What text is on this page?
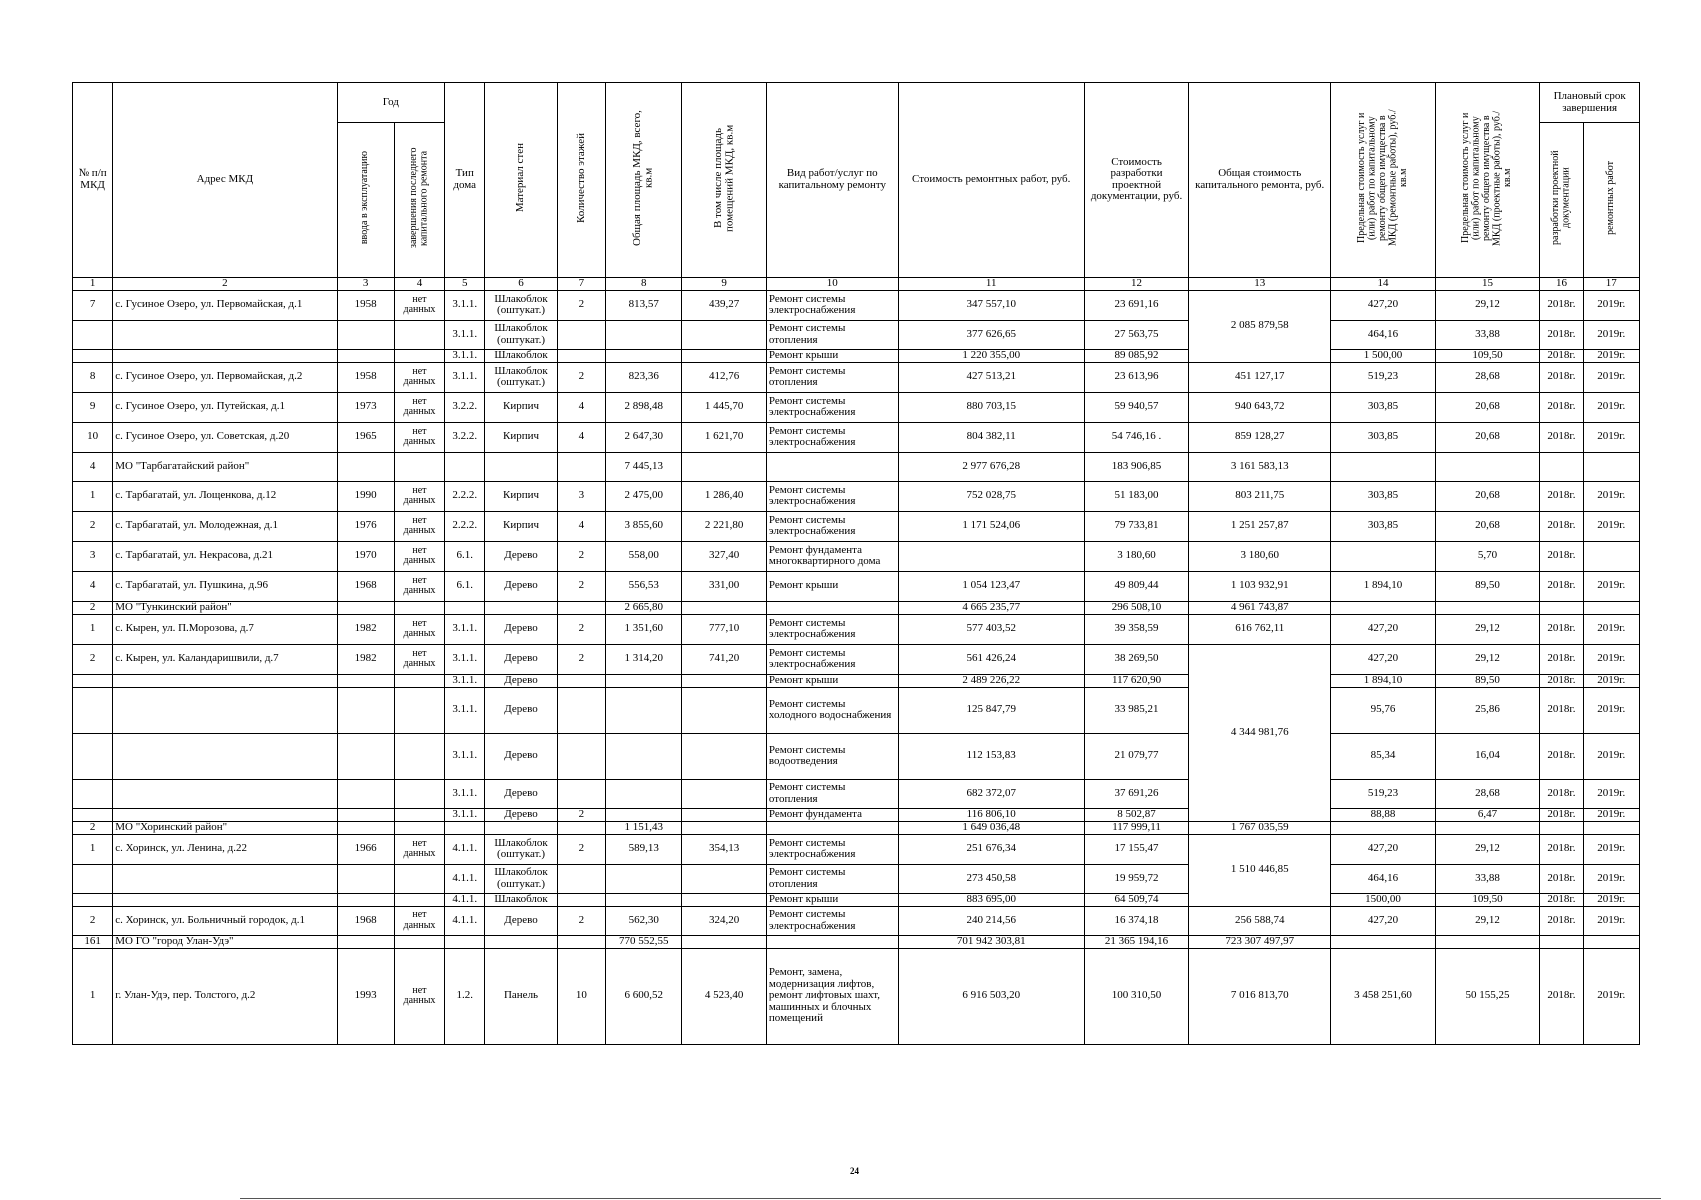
№ п/п МКД	Адрес МКД	Год		Тип дома	Материал стен	Количество этажей	Общая площадь МКД, всего, кв.м	В том числе площадь помещений МКД, кв.м	Вид работ/услуг по капитальному ремонту	Стоимость ремонтных работ, руб.	Стоимость разработки проектной документации, руб.	Общая стоимость капитального ремонта, руб.	Предельная стоимость услуг и (или) работ по капитальному ремонту общего имущества в МКД (ремонтные работы), руб./кв.м	Предельная стоимость услуг и (или) работ по капитальному ремонту общего имущества в МКД (проектные работы), руб./кв.м	Плановый срок завершения	
		ввода в эксплуатацию	завершения последнего капитального ремонта												разработки проектной документации	ремонтных работ
1	2	3	4	5	6	7	8	9	10	11	12	13	14	15	16	17
7	с. Гусиное Озеро, ул. Первомайская, д.1	1958	нет данных	3.1.1.	Шлакоблок (оштукат.)	2	813,57	439,27	Ремонт системы электроснабжения	347 557,10	23 691,16	2 085 879,58	427,20	29,12	2018г.	2019г.
				3.1.1.	Шлакоблок (оштукат.)				Ремонт системы отопления	377 626,65	27 563,75		464,16	33,88	2018г.	2019г.
				3.1.1.	Шлакоблок				Ремонт крыши	1 220 355,00	89 085,92		1 500,00	109,50	2018г.	2019г.
8	с. Гусиное Озеро, ул. Первомайская, д.2	1958	нет данных	3.1.1.	Шлакоблок (оштукат.)	2	823,36	412,76	Ремонт системы отопления	427 513,21	23 613,96	451 127,17	519,23	28,68	2018г.	2019г.
9	с. Гусиное Озеро, ул. Путейская, д.1	1973	нет данных	3.2.2.	Кирпич	4	2 898,48	1 445,70	Ремонт системы электроснабжения	880 703,15	59 940,57	940 643,72	303,85	20,68	2018г.	2019г.
10	с. Гусиное Озеро, ул. Советская, д.20	1965	нет данных	3.2.2.	Кирпич	4	2 647,30	1 621,70	Ремонт системы электроснабжения	804 382,11	54 746,16 .	859 128,27	303,85	20,68	2018г.	2019г.
4	МО "Тарбагатайский район"						7 445,13			2 977 676,28	183 906,85	3 161 583,13				
1	с. Тарбагатай, ул. Лощенкова, д.12	1990	нет данных	2.2.2.	Кирпич	3	2 475,00	1 286,40	Ремонт системы электроснабжения	752 028,75	51 183,00	803 211,75	303,85	20,68	2018г.	2019г.
2	с. Тарбагатай, ул. Молодежная, д.1	1976	нет данных	2.2.2.	Кирпич	4	3 855,60	2 221,80	Ремонт системы электроснабжения	1 171 524,06	79 733,81	1 251 257,87	303,85	20,68	2018г.	2019г.
3	с. Тарбагатай, ул. Некрасова, д.21	1970	нет данных	6.1.	Дерево	2	558,00	327,40	Ремонт фундамента многоквартирного дома		3 180,60	3 180,60		5,70	2018г.	
4	с. Тарбагатай, ул. Пушкина, д.96	1968	нет данных	6.1.	Дерево	2	556,53	331,00	Ремонт крыши	1 054 123,47	49 809,44	1 103 932,91	1 894,10	89,50	2018г.	2019г.
2	МО "Тункинский район"						2 665,80			4 665 235,77	296 508,10	4 961 743,87				
1	с. Кырен, ул. П.Морозова, д.7	1982	нет данных	3.1.1.	Дерево	2	1 351,60	777,10	Ремонт системы электроснабжения	577 403,52	39 358,59	616 762,11	427,20	29,12	2018г.	2019г.
2	с. Кырен, ул. Каландаришвили, д.7	1982	нет данных	3.1.1.	Дерево	2	1 314,20	741,20	Ремонт системы электроснабжения	561 426,24	38 269,50	4 344 981,76	427,20	29,12	2018г.	2019г.
				3.1.1.	Дерево				Ремонт крыши	2 489 226,22	117 620,90		1 894,10	89,50	2018г.	2019г.
				3.1.1.	Дерево				Ремонт системы холодного водоснабжения	125 847,79	33 985,21		95,76	25,86	2018г.	2019г.
				3.1.1.	Дерево				Ремонт системы водоотведения	112 153,83	21 079,77		85,34	16,04	2018г.	2019г.
				3.1.1.	Дерево				Ремонт системы отопления	682 372,07	37 691,26		519,23	28,68	2018г.	2019г.
				3.1.1.	Дерево	2			Ремонт фундамента	116 806,10	8 502,87		88,88	6,47	2018г.	2019г.
2	МО "Хоринский район"						1 151,43			1 649 036,48	117 999,11	1 767 035,59				
1	с. Хоринск, ул. Ленина, д.22	1966	нет данных	4.1.1.	Шлакоблок (оштукат.)	2	589,13	354,13	Ремонт системы электроснабжения	251 676,34	17 155,47	1 510 446,85	427,20	29,12	2018г.	2019г.
				4.1.1.	Шлакоблок (оштукат.)				Ремонт системы отопления	273 450,58	19 959,72		464,16	33,88	2018г.	2019г.
				4.1.1.	Шлакоблок				Ремонт крыши	883 695,00	64 509,74		1500,00	109,50	2018г.	2019г.
2	с. Хоринск, ул. Больничный городок, д.1	1968	нет данных	4.1.1.	Дерево	2	562,30	324,20	Ремонт системы электроснабжения	240 214,56	16 374,18	256 588,74	427,20	29,12	2018г.	2019г.
161	МО ГО "город Улан-Удэ"						770 552,55			701 942 303,81	21 365 194,16	723 307 497,97				
1	г. Улан-Удэ, пер. Толстого, д.2	1993	нет данных	1.2.	Панель	10	6 600,52	4 523,40	Ремонт, замена, модернизация лифтов, ремонт лифтовых шахт, машинных и блочных помещений	6 916 503,20	100 310,50	7 016 813,70	3 458 251,60	50 155,25	2018г.	2019г.
24
